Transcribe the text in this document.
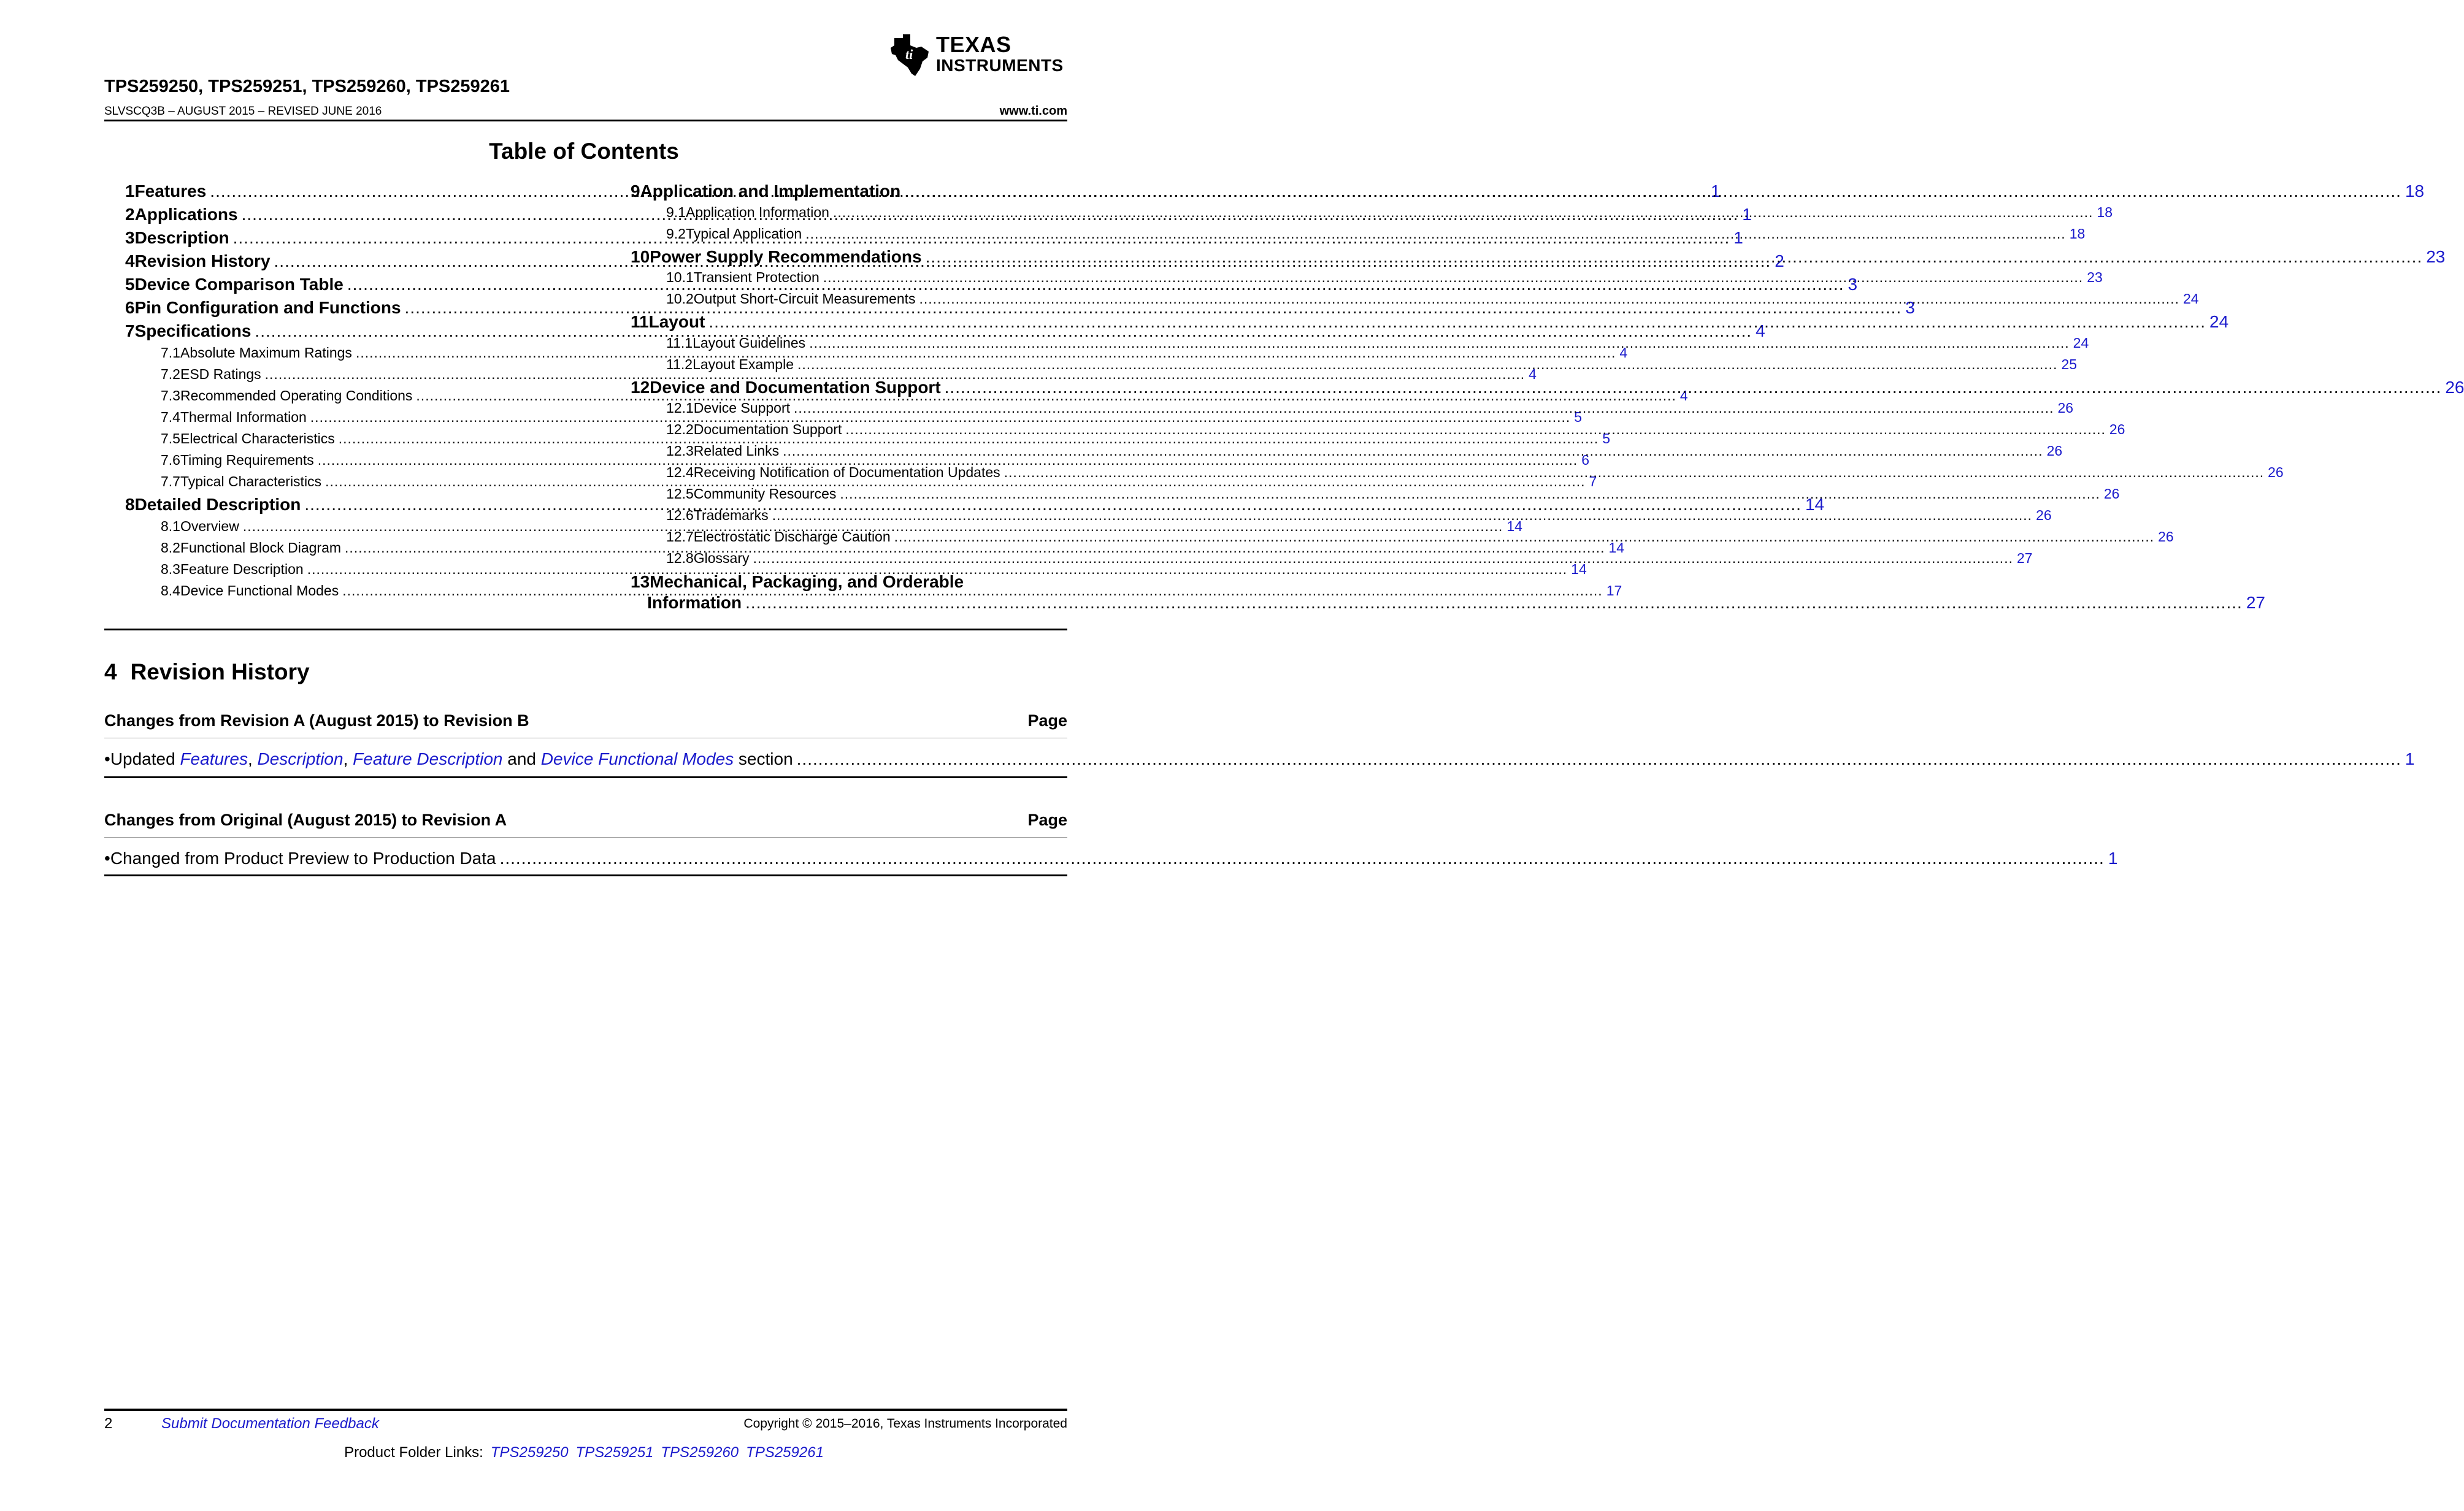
ti TEXAS
INSTRUMENTS
TPS259250, TPS259251, TPS259260, TPS259261
SLVSCQ3B – AUGUST 2015 – REVISED JUNE 2016	www.ti.com
Table of Contents
1 Features .....	1
2 Applications .....	1
3 Description .....	1
4 Revision History .....	2
5 Device Comparison Table .....	3
6 Pin Configuration and Functions .....	3
7 Specifications .....	4
7.1 Absolute Maximum Ratings .....	4
7.2 ESD Ratings .....	4
7.3 Recommended Operating Conditions .....	4
7.4 Thermal Information .....	5
7.5 Electrical Characteristics .....	5
7.6 Timing Requirements .....	6
7.7 Typical Characteristics .....	7
8 Detailed Description .....	14
8.1 Overview .....	14
8.2 Functional Block Diagram .....	14
8.3 Feature Description .....	14
8.4 Device Functional Modes .....	17
9 Application and Implementation .....	18
9.1 Application Information .....	18
9.2 Typical Application .....	18
10 Power Supply Recommendations .....	23
10.1 Transient Protection .....	23
10.2 Output Short-Circuit Measurements .....	24
11 Layout .....	24
11.1 Layout Guidelines .....	24
11.2 Layout Example .....	25
12 Device and Documentation Support .....	26
12.1 Device Support .....	26
12.2 Documentation Support .....	26
12.3 Related Links .....	26
12.4 Receiving Notification of Documentation Updates .....	26
12.5 Community Resources .....	26
12.6 Trademarks .....	26
12.7 Electrostatic Discharge Caution .....	26
12.8 Glossary .....	27
13 Mechanical, Packaging, and Orderable
Information .....	27
4 Revision History
Changes from Revision A (August 2015) to Revision B	Page
• Updated Features, Description, Feature Description and Device Functional Modes section .....	1
Changes from Original (August 2015) to Revision A	Page
• Changed from Product Preview to Production Data .....	1
2	Submit Documentation Feedback	Copyright © 2015–2016, Texas Instruments Incorporated
Product Folder Links: TPS259250 TPS259251 TPS259260 TPS259261
